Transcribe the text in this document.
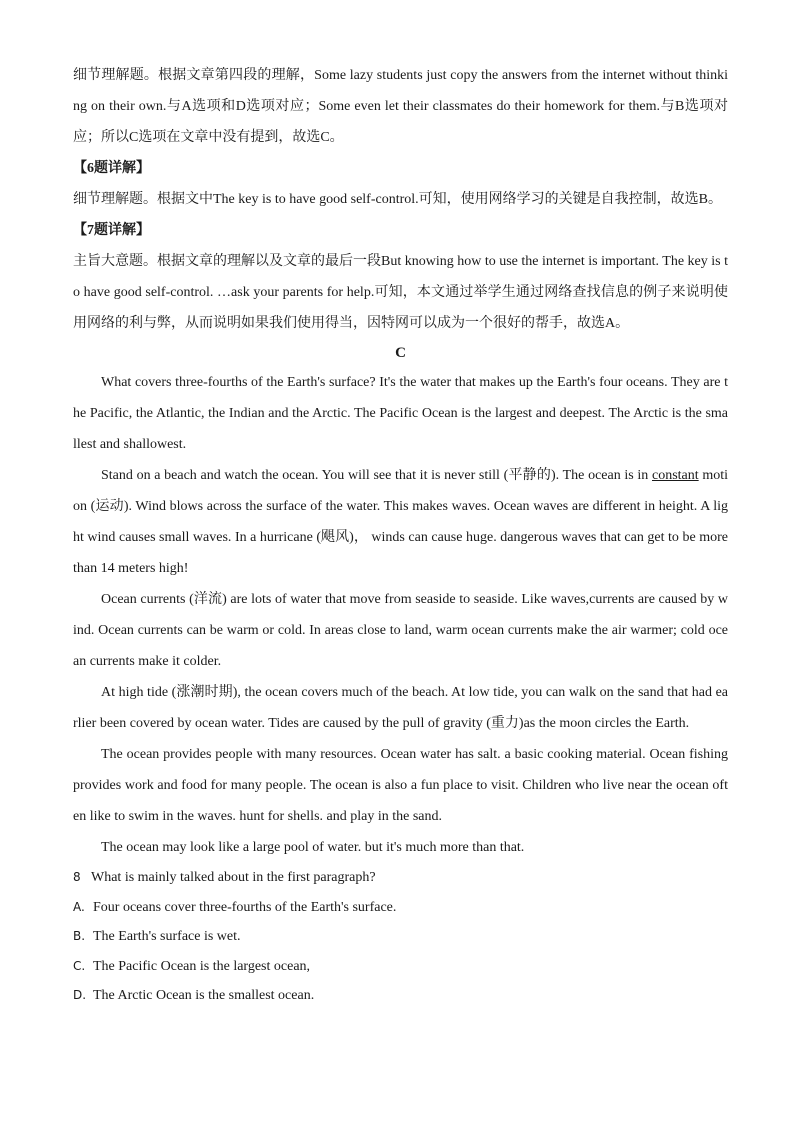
细节理解题。根据文章第四段的理解，Some lazy students just copy the answers from the internet without thinking on their own.与A选项和D选项对应；Some even let their classmates do their homework for them.与B选项对应；所以C选项在文章中没有提到，故选C。

【6题详解】

细节理解题。根据文中The key is to have good self-control.可知，使用网络学习的关键是自我控制，故选B。

【7题详解】

主旨大意题。根据文章的理解以及文章的最后一段But knowing how to use the internet is important. The key is to have good self-control. …ask your parents for help.可知，本文通过举学生通过网络查找信息的例子来说明使用网络的利与弊，从而说明如果我们使用得当，因特网可以成为一个很好的帮手，故选A。

C

What covers three-fourths of the Earth's surface? It's the water that makes up the Earth's four oceans. They are the Pacific, the Atlantic, the Indian and the Arctic. The Pacific Ocean is the largest and deepest. The Arctic is the smallest and shallowest.

Stand on a beach and watch the ocean. You will see that it is never still (平静的). The ocean is in constant motion (运动). Wind blows across the surface of the water. This makes waves. Ocean waves are different in height. A light wind causes small waves. In a hurricane (飓风)， winds can cause huge. dangerous waves that can get to be more than 14 meters high!

Ocean currents (洋流) are lots of water that move from seaside to seaside. Like waves,currents are caused by wind. Ocean currents can be warm or cold. In areas close to land, warm ocean currents make the air warmer; cold ocean currents make it colder.

At high tide (涨潮时期), the ocean covers much of the beach. At low tide, you can walk on the sand that had earlier been covered by ocean water. Tides are caused by the pull of gravity (重力)as the moon circles the Earth.

The ocean provides people with many resources. Ocean water has salt. a basic cooking material. Ocean fishing provides work and food for many people. The ocean is also a fun place to visit. Children who live near the ocean often like to swim in the waves. hunt for shells. and play in the sand.

The ocean may look like a large pool of water. but it's much more than that.

8 What is mainly talked about in the first paragraph?

A. Four oceans cover three-fourths of the Earth's surface.

B. The Earth's surface is wet.

C. The Pacific Ocean is the largest ocean,

D. The Arctic Ocean is the smallest ocean.
